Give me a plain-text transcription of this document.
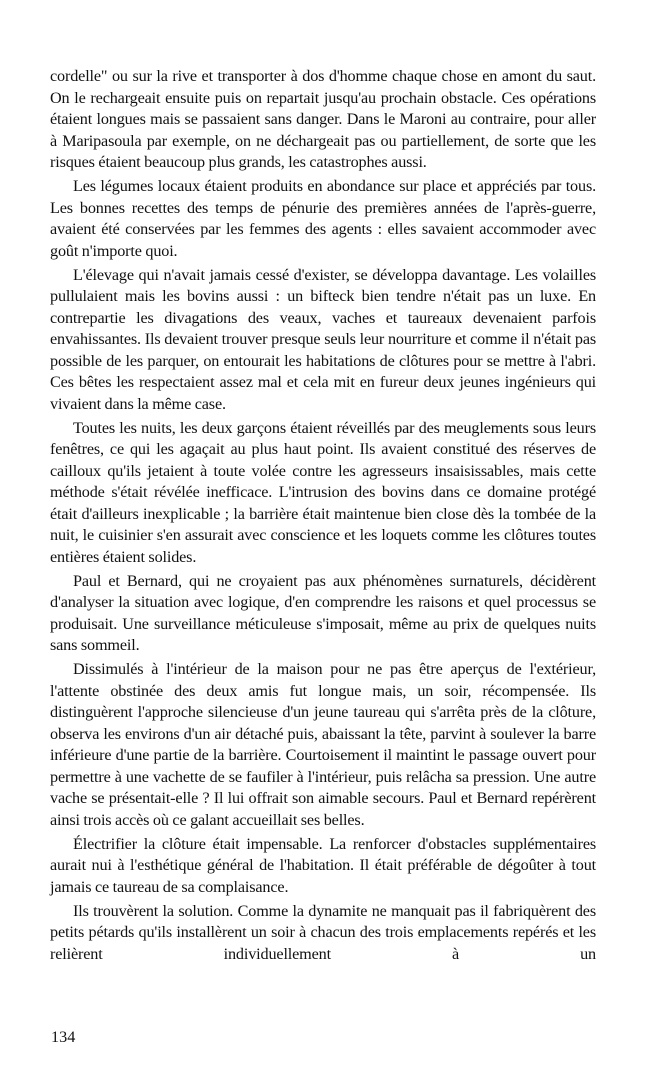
cordelle" ou sur la rive et transporter à dos d'homme chaque chose en amont du saut. On le rechargeait ensuite puis on repartait jusqu'au prochain obstacle. Ces opérations étaient longues mais se passaient sans danger. Dans le Maroni au contraire, pour aller à Maripasoula par exemple, on ne déchargeait pas ou partiellement, de sorte que les risques étaient beaucoup plus grands, les catastrophes aussi.

Les légumes locaux étaient produits en abondance sur place et appréciés par tous. Les bonnes recettes des temps de pénurie des premières années de l'après-guerre, avaient été conservées par les femmes des agents : elles savaient accommoder avec goût n'importe quoi.

L'élevage qui n'avait jamais cessé d'exister, se développa davantage. Les volailles pullulaient mais les bovins aussi : un bifteck bien tendre n'était pas un luxe. En contrepartie les divagations des veaux, vaches et taureaux devenaient parfois envahissantes. Ils devaient trouver presque seuls leur nourriture et comme il n'était pas possible de les parquer, on entourait les habitations de clôtures pour se mettre à l'abri. Ces bêtes les respectaient assez mal et cela mit en fureur deux jeunes ingénieurs qui vivaient dans la même case.

Toutes les nuits, les deux garçons étaient réveillés par des meuglements sous leurs fenêtres, ce qui les agaçait au plus haut point. Ils avaient constitué des réserves de cailloux qu'ils jetaient à toute volée contre les agresseurs insaisissables, mais cette méthode s'était révélée inefficace. L'intrusion des bovins dans ce domaine protégé était d'ailleurs inexplicable ; la barrière était maintenue bien close dès la tombée de la nuit, le cuisinier s'en assurait avec conscience et les loquets comme les clôtures toutes entières étaient solides.

Paul et Bernard, qui ne croyaient pas aux phénomènes surnaturels, décidèrent d'analyser la situation avec logique, d'en comprendre les raisons et quel processus se produisait. Une surveillance méticuleuse s'imposait, même au prix de quelques nuits sans sommeil.

Dissimulés à l'intérieur de la maison pour ne pas être aperçus de l'extérieur, l'attente obstinée des deux amis fut longue mais, un soir, récompensée. Ils distinguèrent l'approche silencieuse d'un jeune taureau qui s'arrêta près de la clôture, observa les environs d'un air détaché puis, abaissant la tête, parvint à soulever la barre inférieure d'une partie de la barrière. Courtoisement il maintint le passage ouvert pour permettre à une vachette de se faufiler à l'intérieur, puis relâcha sa pression. Une autre vache se présentait-elle ? Il lui offrait son aimable secours. Paul et Bernard repérèrent ainsi trois accès où ce galant accueillait ses belles.

Électrifier la clôture était impensable. La renforcer d'obstacles supplémentaires aurait nui à l'esthétique général de l'habitation. Il était préférable de dégoûter à tout jamais ce taureau de sa complaisance.

Ils trouvèrent la solution. Comme la dynamite ne manquait pas il fabriquèrent des petits pétards qu'ils installèrent un soir à chacun des trois emplacements repérés et les relièrent individuellement à un

134
